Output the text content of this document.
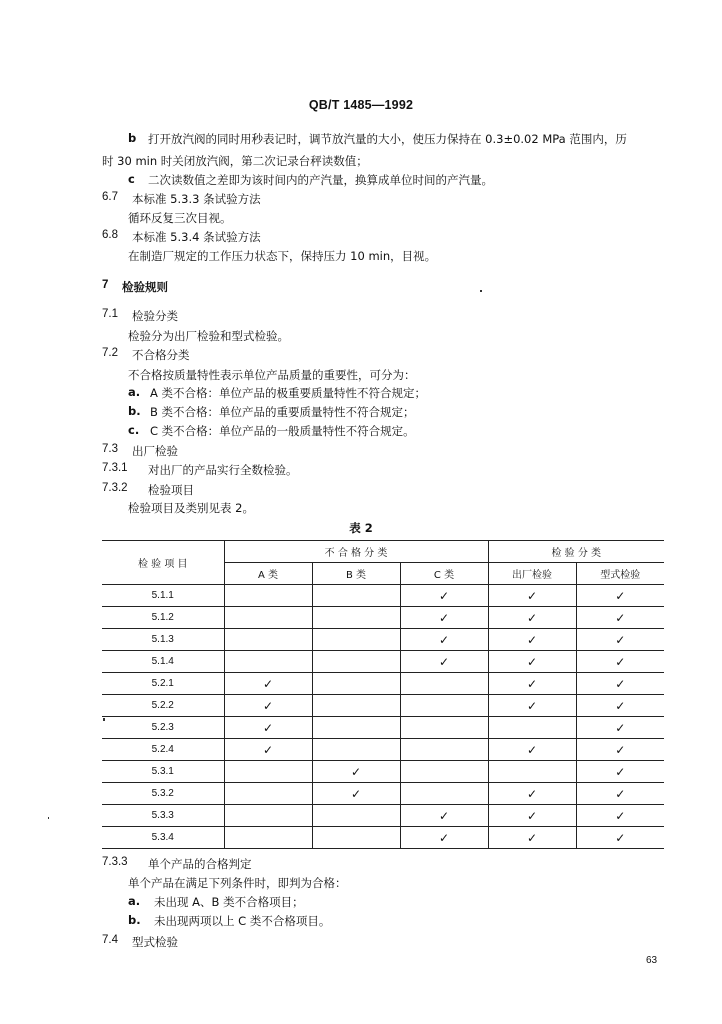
QB/T 1485—1992
b 打开放汽阀的同时用秒表记时，调节放汽量的大小，使压力保持在 0.3±0.02 MPa 范围内，历
时 30 min 时关闭放汽阀，第二次记录台秤读数值；
c 二次读数值之差即为该时间内的产汽量，换算成单位时间的产汽量。
6.7 本标准 5.3.3 条试验方法
循环反复三次目视。
6.8 本标准 5.3.4 条试验方法
在制造厂规定的工作压力状态下，保持压力 10 min，目视。
7 检验规则
7.1 检验分类
检验分为出厂检验和型式检验。
7.2 不合格分类
不合格按质量特性表示单位产品质量的重要性，可分为：
a. A 类不合格：单位产品的极重要质量特性不符合规定；
b. B 类不合格：单位产品的重要质量特性不符合规定；
c. C 类不合格：单位产品的一般质量特性不符合规定。
7.3 出厂检验
7.3.1 对出厂的产品实行全数检验。
7.3.2 检验项目
检验项目及类别见表 2。
表 2
检 验 项 目	不 合 格 分 类			检 验 分 类	
	A 类	B 类	C 类	出厂检验	型式检验
5.1.1			✓	✓	✓
5.1.2			✓	✓	✓
5.1.3			✓	✓	✓
5.1.4			✓	✓	✓
5.2.1	✓			✓	✓
5.2.2	✓			✓	✓
5.2.3	✓				✓
5.2.4	✓			✓	✓
5.3.1		✓			✓
5.3.2		✓		✓	✓
5.3.3			✓	✓	✓
5.3.4			✓	✓	✓
7.3.3 单个产品的合格判定
单个产品在满足下列条件时，即判为合格：
a. 未出现 A、B 类不合格项目；
b. 未出现两项以上 C 类不合格项目。
7.4 型式检验
63
